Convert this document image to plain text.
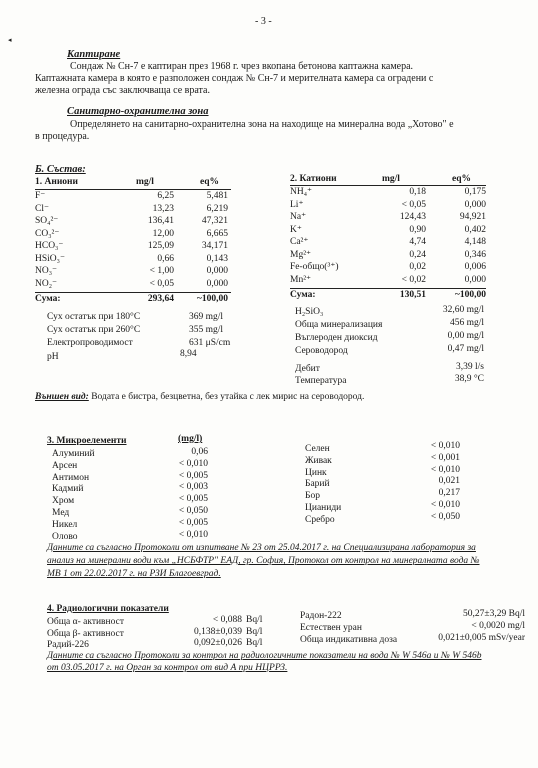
- 3 -
◂
Каптиране
Сондаж № Сн-7 е каптиран през 1968 г. чрез вкопана бетонова каптажна камера.
Каптажната камера в която е разположен сондаж № Сн-7 и мерителната камера са оградени с
железна ограда със заключваща се врата.
Санитарно-охранителна зона
Определянето на санитарно-охранителна зона на находище на минерална вода „Хотово" е
в процедура.
Б. Състав:
1. Аниони	mg/l	eq%
F⁻	6,25	5,481
Cl⁻	13,23	6,219
SO₄²⁻	136,41	47,321
CO₃²⁻	12,00	6,665
HCO₃⁻	125,09	34,171
HSiO₃⁻	0,66	0,143
NO₃⁻	< 1,00	0,000
NO₂⁻	< 0,05	0,000
Сума:	293,64	~100,00
2. Катиони	mg/l	eq%
NH₄⁺	0,18	0,175
Li⁺	< 0,05	0,000
Na⁺	124,43	94,921
K⁺	0,90	0,402
Ca²⁺	4,74	4,148
Mg²⁺	0,24	0,346
Fe-общо(³⁺)	0,02	0,006
Mn²⁺	< 0,02	0,000
Сума:	130,51	~100,00
Сух остатък при 180°С	369 mg/l
Сух остатък при 260°С	355 mg/l
Електропроводимост	631 μS/cm
pH	8,94
H₂SiO₃	32,60 mg/l
Обща минерализация	456 mg/l
Въглероден диоксид	0,00 mg/l
Сероводород	0,47 mg/l
Дебит	3,39 l/s
Температура	38,9 °C
Външен вид: Водата е бистра, безцветна, без утайка с лек мирис на сероводород.
3. Микроелементи	(mg/l)
Алуминий	0,06
Арсен	< 0,010
Антимон	< 0,005
Кадмий	< 0,003
Хром	< 0,005
Мед	< 0,050
Никел	< 0,005
Олово	< 0,010
Селен	< 0,010
Живак	< 0,001
Цинк	< 0,010
Барий	0,021
Бор	0,217
Цианиди	< 0,010
Сребро	< 0,050
Данните са съгласно Протоколи от изпитване № 23 от 25.04.2017 г. на Специализирана лаборатория за
анализ на минерални води към „НСБФТР" ЕАД, гр. София, Протокол от контрол на минералната вода №
МВ 1 от 22.02.2017 г. на РЗИ Благоевград.
4. Радиологични показатели
Обща α- активност	< 0,088 Bq/l
Обща β- активност	0,138±0,039 Bq/l
Радий-226	0,092±0,026 Bq/l
Радон-222	50,27±3,29 Bq/l
Естествен уран	< 0,0020 mg/l
Обща индикативна доза	0,021±0,005 mSv/year
Данните са съгласно Протоколи за контрол на радиологичните показатели на вода № W 546a и № W 546b
от 03.05.2017 г. на Орган за контрол от вид А при НЦРРЗ.
